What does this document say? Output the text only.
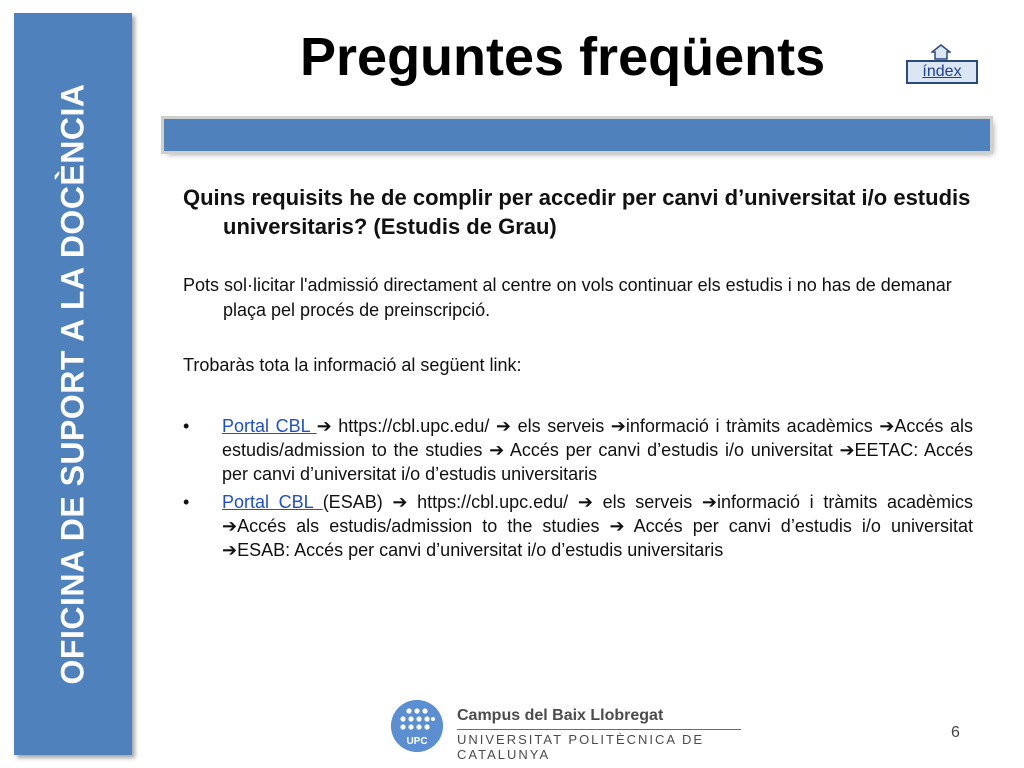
OFICINA DE SUPORT A LA DOCÈNCIA
Preguntes freqüents	índex

Quins requisits he de complir per accedir per canvi d’universitat i/o estudis universitaris? (Estudis de Grau)

Pots sol·licitar l'admissió directament al centre on vols continuar els estudis i no has de demanar plaça pel procés de preinscripció.

Trobaràs tota la informació al següent link:

• Portal CBL ➔ https://cbl.upc.edu/ ➔ els serveis ➔informació i tràmits acadèmics ➔Accés als estudis/admission to the studies ➔ Accés per canvi d’estudis i/o universitat ➔EETAC: Accés per canvi d’universitat i/o d’estudis universitaris
• Portal CBL (ESAB) ➔ https://cbl.upc.edu/ ➔ els serveis ➔informació i tràmits acadèmics ➔Accés als estudis/admission to the studies ➔ Accés per canvi d’estudis i/o universitat ➔ESAB: Accés per canvi d’universitat i/o d’estudis universitaris
UPC
Campus del Baix Llobregat
UNIVERSITAT POLITÈCNICA DE CATALUNYA
6
